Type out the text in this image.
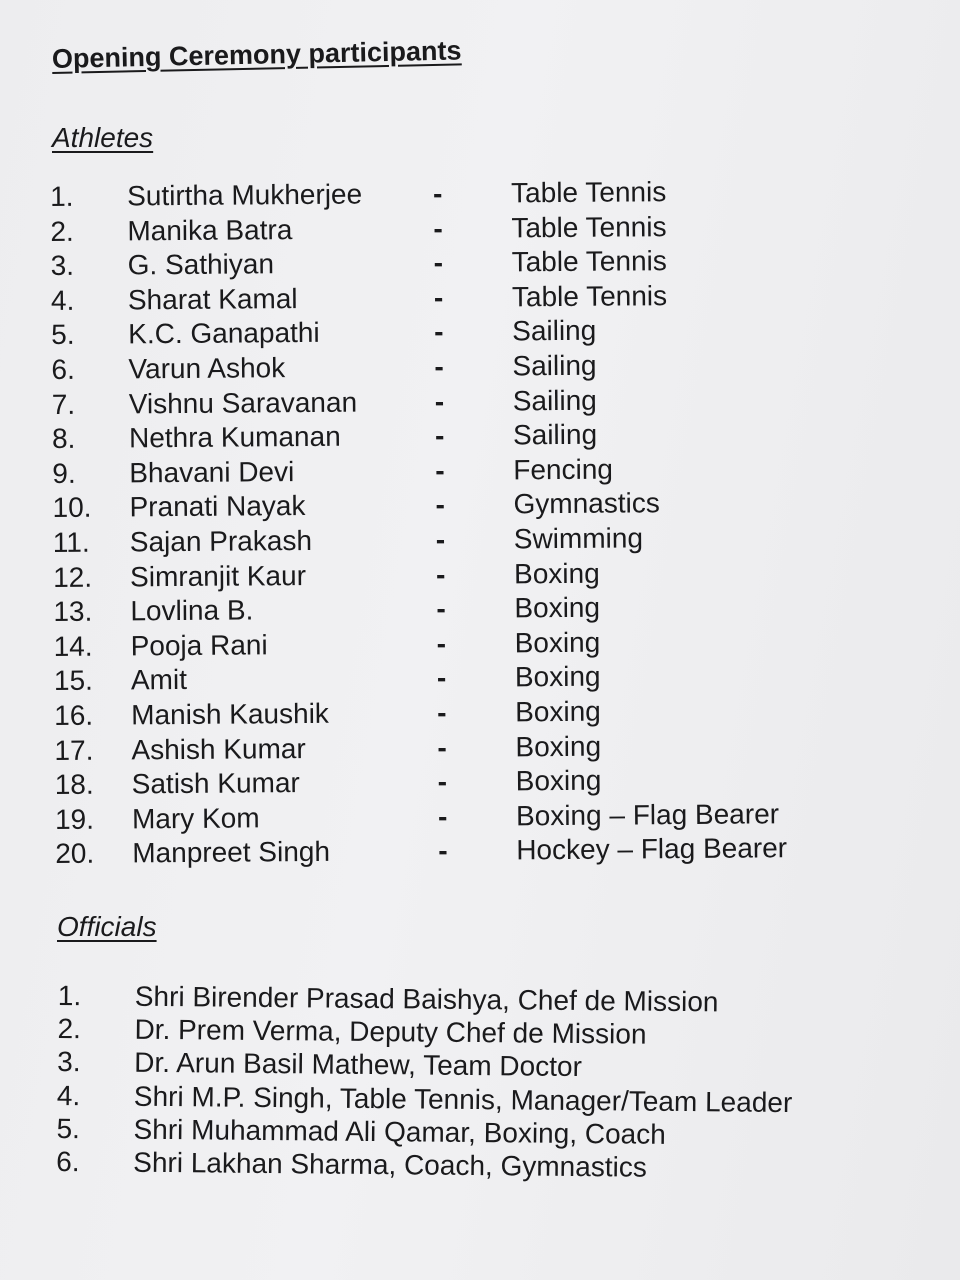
Opening Ceremony participants
Athletes
1.	Sutirtha Mukherjee	-	Table Tennis
2.	Manika Batra	-	Table Tennis
3.	G. Sathiyan	-	Table Tennis
4.	Sharat Kamal	-	Table Tennis
5.	K.C. Ganapathi	-	Sailing
6.	Varun Ashok	-	Sailing
7.	Vishnu Saravanan	-	Sailing
8.	Nethra Kumanan	-	Sailing
9.	Bhavani Devi	-	Fencing
10.	Pranati Nayak	-	Gymnastics
11.	Sajan Prakash	-	Swimming
12.	Simranjit Kaur	-	Boxing
13.	Lovlina B.	-	Boxing
14.	Pooja Rani	-	Boxing
15.	Amit	-	Boxing
16.	Manish Kaushik	-	Boxing
17.	Ashish Kumar	-	Boxing
18.	Satish Kumar	-	Boxing
19.	Mary Kom	-	Boxing – Flag Bearer
20.	Manpreet Singh	-	Hockey – Flag Bearer
Officials
1.	Shri Birender Prasad Baishya, Chef de Mission
2.	Dr. Prem Verma, Deputy Chef de Mission
3.	Dr. Arun Basil Mathew, Team Doctor
4.	Shri M.P. Singh, Table Tennis, Manager/Team Leader
5.	Shri Muhammad Ali Qamar, Boxing, Coach
6.	Shri Lakhan Sharma, Coach, Gymnastics
